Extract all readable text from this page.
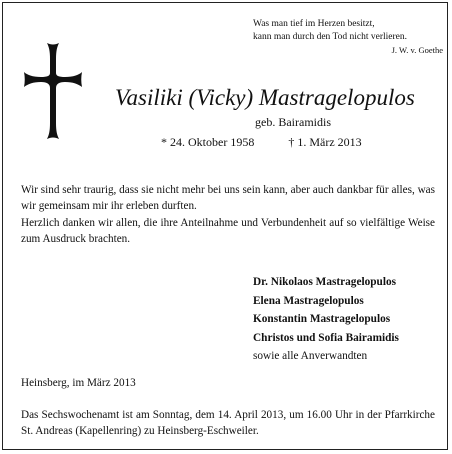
Was man tief im Herzen besitzt,
kann man durch den Tod nicht verlieren.
J. W. v. Goethe
Vasiliki (Vicky) Mastragelopulos
geb. Bairamidis
* 24. Oktober 1958	† 1. März 2013
Wir sind sehr traurig, dass sie nicht mehr bei uns sein kann, aber auch dankbar für alles, was wir gemeinsam mir ihr erleben durften.
Herzlich danken wir allen, die ihre Anteilnahme und Verbundenheit auf so vielfältige Weise zum Ausdruck brachten.
Dr. Nikolaos Mastragelopulos
Elena Mastragelopulos
Konstantin Mastragelopulos
Christos und Sofia Bairamidis
sowie alle Anverwandten
Heinsberg, im März 2013
Das Sechswochenamt ist am Sonntag, dem 14. April 2013, um 16.00 Uhr in der Pfarrkirche St. Andreas (Kapellenring) zu Heinsberg-Eschweiler.
